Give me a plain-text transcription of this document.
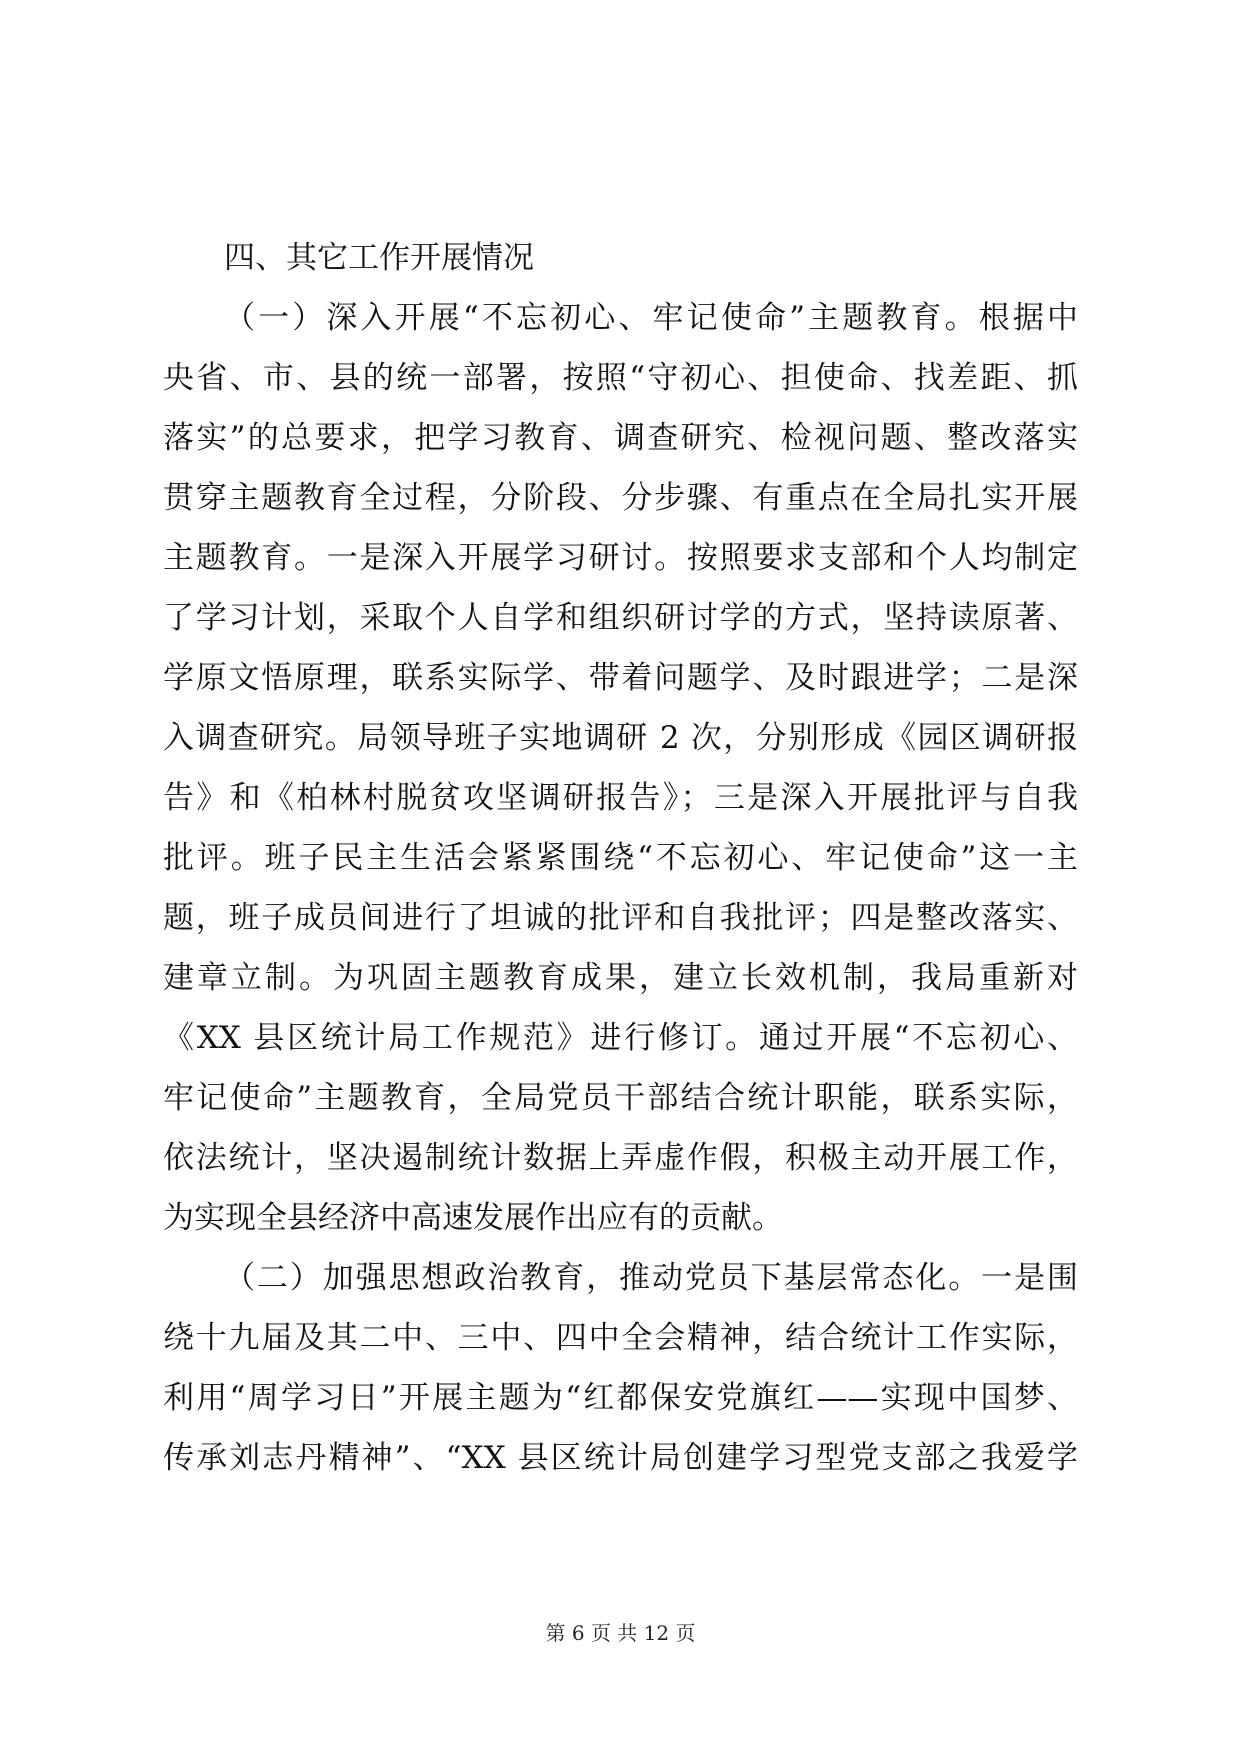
四、其它工作开展情况
（一）深入开展“不忘初心、牢记使命”主题教育。根据中
央省、市、县的统一部署，按照“守初心、担使命、找差距、抓
落实”的总要求，把学习教育、调查研究、检视问题、整改落实
贯穿主题教育全过程，分阶段、分步骤、有重点在全局扎实开展
主题教育。一是深入开展学习研讨。按照要求支部和个人均制定
了学习计划，采取个人自学和组织研讨学的方式，坚持读原著、
学原文悟原理，联系实际学、带着问题学、及时跟进学；二是深
入调查研究。局领导班子实地调研 2 次，分别形成《园区调研报
告》和《柏林村脱贫攻坚调研报告》；三是深入开展批评与自我
批评。班子民主生活会紧紧围绕“不忘初心、牢记使命”这一主
题，班子成员间进行了坦诚的批评和自我批评；四是整改落实、
建章立制。为巩固主题教育成果，建立长效机制，我局重新对
《XX 县区统计局工作规范》进行修订。通过开展“不忘初心、
牢记使命”主题教育，全局党员干部结合统计职能，联系实际，
依法统计，坚决遏制统计数据上弄虚作假，积极主动开展工作，
为实现全县经济中高速发展作出应有的贡献。
（二）加强思想政治教育，推动党员下基层常态化。一是围
绕十九届及其二中、三中、四中全会精神，结合统计工作实际，
利用“周学习日”开展主题为“红都保安党旗红——实现中国梦、
传承刘志丹精神”、“XX 县区统计局创建学习型党支部之我爱学
第 6 页 共 12 页
